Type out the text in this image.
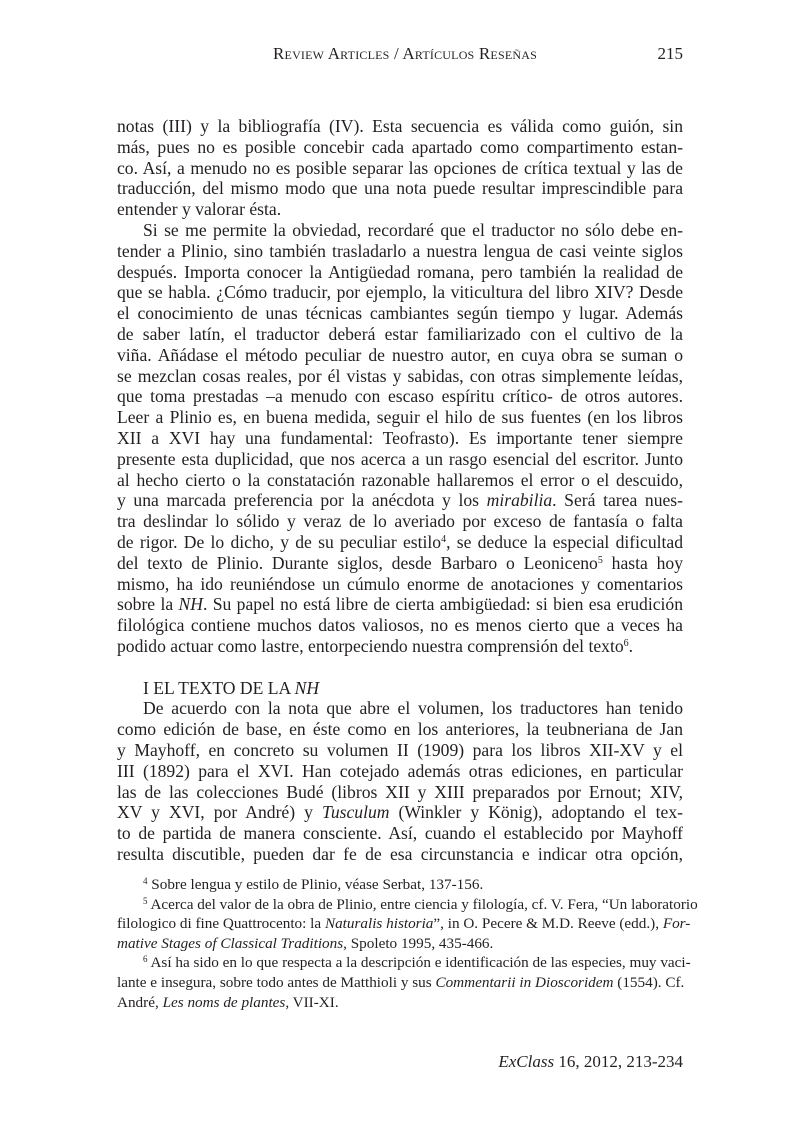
Review Articles / Artículos Reseñas	215
notas (III) y la bibliografía (IV). Esta secuencia es válida como guión, sin
más, pues no es posible concebir cada apartado como compartimento estan-
co. Así, a menudo no es posible separar las opciones de crítica textual y las de
traducción, del mismo modo que una nota puede resultar imprescindible para
entender y valorar ésta.
Si se me permite la obviedad, recordaré que el traductor no sólo debe en-
tender a Plinio, sino también trasladarlo a nuestra lengua de casi veinte siglos
después. Importa conocer la Antigüedad romana, pero también la realidad de
que se habla. ¿Cómo traducir, por ejemplo, la viticultura del libro XIV? Desde
el conocimiento de unas técnicas cambiantes según tiempo y lugar. Además
de saber latín, el traductor deberá estar familiarizado con el cultivo de la
viña. Añádase el método peculiar de nuestro autor, en cuya obra se suman o
se mezclan cosas reales, por él vistas y sabidas, con otras simplemente leídas,
que toma prestadas –a menudo con escaso espíritu crítico- de otros autores.
Leer a Plinio es, en buena medida, seguir el hilo de sus fuentes (en los libros
XII a XVI hay una fundamental: Teofrasto). Es importante tener siempre
presente esta duplicidad, que nos acerca a un rasgo esencial del escritor. Junto
al hecho cierto o la constatación razonable hallaremos el error o el descuido,
y una marcada preferencia por la anécdota y los mirabilia. Será tarea nues-
tra deslindar lo sólido y veraz de lo averiado por exceso de fantasía o falta
de rigor. De lo dicho, y de su peculiar estilo$^4$, se deduce la especial dificultad
del texto de Plinio. Durante siglos, desde Barbaro o Leoniceno$^5$ hasta hoy
mismo, ha ido reuniéndose un cúmulo enorme de anotaciones y comentarios
sobre la NH. Su papel no está libre de cierta ambigüedad: si bien esa erudición
filológica contiene muchos datos valiosos, no es menos cierto que a veces ha
podido actuar como lastre, entorpeciendo nuestra comprensión del texto$^6$.
I EL TEXTO DE LA NH
De acuerdo con la nota que abre el volumen, los traductores han tenido
como edición de base, en éste como en los anteriores, la teubneriana de Jan
y Mayhoff, en concreto su volumen II (1909) para los libros XII-XV y el
III (1892) para el XVI. Han cotejado además otras ediciones, en particular
las de las colecciones Budé (libros XII y XIII preparados por Ernout; XIV,
XV y XVI, por André) y Tusculum (Winkler y König), adoptando el tex-
to de partida de manera consciente. Así, cuando el establecido por Mayhoff
resulta discutible, pueden dar fe de esa circunstancia e indicar otra opción,
$^4$ Sobre lengua y estilo de Plinio, véase Serbat, 137-156.
$^5$ Acerca del valor de la obra de Plinio, entre ciencia y filología, cf. V. Fera, “Un laboratorio
filologico di fine Quattrocento: la Naturalis historia”, in O. Pecere & M.D. Reeve (edd.), For-
mative Stages of Classical Traditions, Spoleto 1995, 435-466.
$^6$ Así ha sido en lo que respecta a la descripción e identificación de las especies, muy vaci-
lante e insegura, sobre todo antes de Matthioli y sus Commentarii in Dioscoridem (1554). Cf.
André, Les noms de plantes, VII-XI.
ExClass 16, 2012, 213-234
